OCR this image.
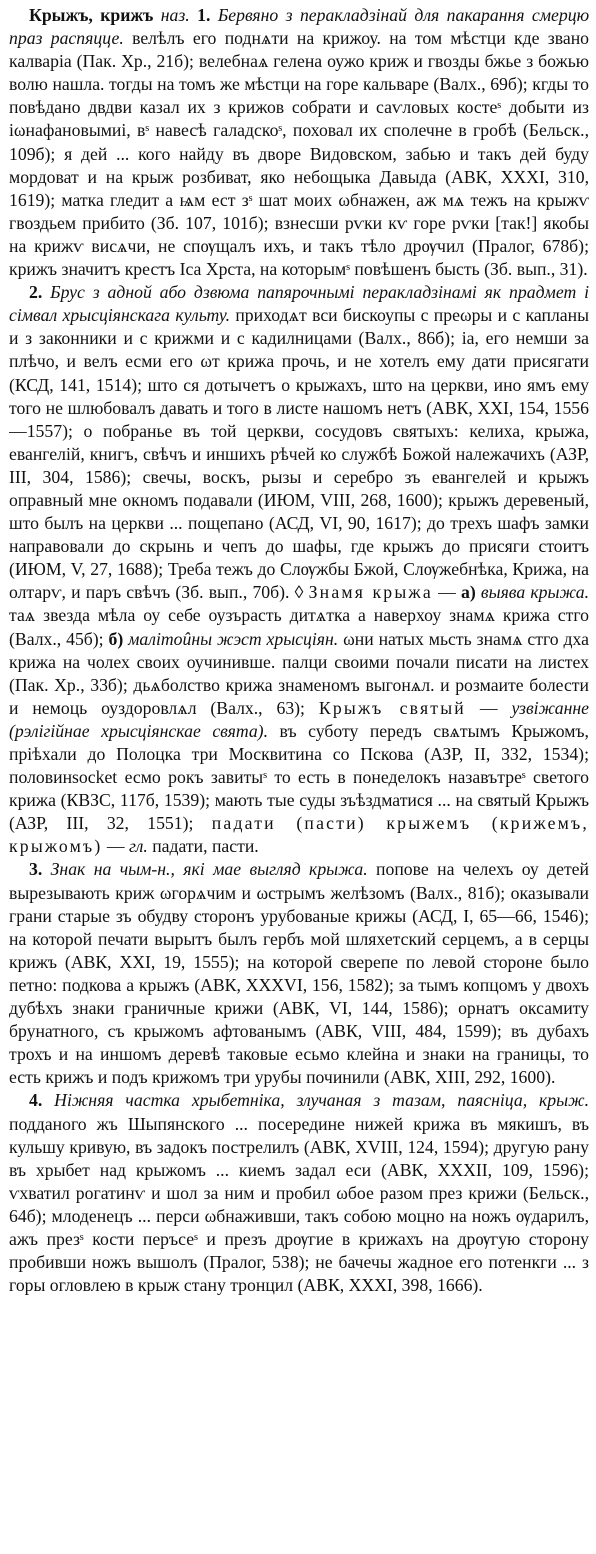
Крыжъ, крижъ наз. 1. Бервяно з перакладзінай для пакарання смерцю праз распяцце. велѣлъ его поднѧти на крижоу. на том мѣстци кде звано калваріа (Пак. Хр., 21б); велебнаѧ гелена оужо криж и гвозды бжье з божью волю нашла. тогды на томъ же мѣстци на горе кальваре (Валх., 69б); кгды то повѣдано двдви казал их з крижов собрати и саѵловых костеˢ добыти из іωнафановымиі, вˢ навесѣ галадскоˢ, поховал их сполечне в гробѣ (Бельск., 109б); я дей ... кого найду въ дворе Видовском, забью и такъ дей буду мордоват и на крыж розбиват, яко небощыка Давыда (АВК, XXXI, 310, 1619); матка гледит а ѩм ест зˢ шат моих ωбнажен, аж мѧ тежъ на крыжѵ гвоздьем прибито (Зб. 107, 101б); взнесши рѵки кѵ горе рѵки [так!] якобы на крижѵ висѧчи, не спѹщалъ ихъ, и такъ тѣло дрѹчил (Пралог, 678б); крижъ значитъ крестъ Іса Хрста, на которымˢ повѣшенъ бысть (Зб. вып., 31).

2. Брус з адной або дзвюма папярочнымі перакладзінамі як прадмет і сімвал хрысціянскага культу. приходѧт вси бискоупы с преωры и с капланы и з законники и с крижми и с кадилницами (Валх., 86б); іа, его немши за плѣчо, и велъ есми его ωт крижа прочь, и не хотелъ ему дати присягати (КСД, 141, 1514); што ся дотычетъ о крыжахъ, што на церкви, ино ямъ ему того не шлюбовалъ давать и того в листе нашомъ нетъ (АВК, XXI, 154, 1556—1557); о побранье въ той церкви, сосудовъ святыхъ: келиха, крыжа, евангелій, книгъ, свѣчъ и иншихъ рѣчей ко службѣ Божой належачихъ (АЗР, III, 304, 1586); свечы, воскъ, рызы и серебро зъ евангелей и крыжъ оправный мне окномъ подавали (ИЮМ, VIII, 268, 1600); крыжъ деревеный, што былъ на церкви ... пощепано (АСД, VI, 90, 1617); до трехъ шафъ замки направовали до скрынь и чепъ до шафы, где крыжъ до присяги стоитъ (ИЮМ, V, 27, 1688); Треба тежъ до Слѹжбы Бжой, Слѹжебнѣка, Крижа, на олтарѵ, и паръ свѣчъ (Зб. вып., 70б). ◊ Знамя крыжа — а) выява крыжа. таѧ звезда мѣла оу себе оузърасть дитѧтка а наверхоу знамѧ крижа стго (Валх., 45б); б) малітоûны жэст хрысціян. ωни натых мьсть знамѧ стго дха крижа на чолех своих оучинивше. палци своими почали писати на листех (Пак. Хр., 33б); дьѧболство крижа знаменомъ выгонѧл. и розмаите болести и немоць оуздоровлѧл (Валх., 63); Крыжъ святый — узвіжанне (рэлігійнае хрысціянскае свята). въ суботу передъ свѧтымъ Крыжомъ, пріѣхали до Полоцка три Москвитина со Пскова (АЗР, II, 332, 1534); половинsocket есмо рокъ завитыˢ то есть в понеделокъ назавътреˢ светого крижа (КВЗС, 117б, 1539); мають тые суды зъѣздматися ... на святый Крыжъ (АЗР, III, 32, 1551); падати (пасти) крыжемъ (крижемъ, крыжомъ) — гл. падати, пасти.

3. Знак на чым-н., які мае выгляд крыжа. попове на челехъ оу детей вырезывають криж ωгорѧчим и ωстрымъ желѣзомъ (Валх., 81б); оказывали грани старые зъ обудву сторонъ урубованые крижы (АСД, I, 65—66, 1546); на которой печати вырытъ былъ гербъ мой шляхетский серцемъ, а в серцы крижъ (АВК, XXI, 19, 1555); на которой сверепе по левой стороне было петно: подкова а крыжъ (АВК, XXXVI, 156, 1582); за тымъ копцомъ у двохъ дубѣхъ знаки граничные крижи (АВК, VI, 144, 1586); орнатъ оксамиту брунатного, съ крыжомъ афтованымъ (АВК, VIII, 484, 1599); въ дубахъ трохъ и на иншомъ деревѣ таковые есьмо клейна и знаки на границы, то есть крижъ и подъ крижомъ три урубы починили (АВК, XIII, 292, 1600).

4. Ніжняя частка хрыбетніка, злучаная з тазам, паясніца, крыж. подданого жъ Шыпянского ... посередине нижей крижа въ мякишъ, въ кульшу кривую, въ задокъ пострелилъ (АВК, XVIII, 124, 1594); другую рану въ хрыбет над крыжомъ ... киемъ задал еси (АВК, XXXII, 109, 1596); ѵхватил рогатинѵ и шол за ним и пробил ωбое разом през крижи (Бельск., 64б); млоденецъ ... перси ωбнаживши, такъ собою моцно на ножъ ѹдарилъ, ажъ презˢ кости перъсеˢ и презъ дрѹгие в крижахъ на дрѹгую сторону пробивши ножъ вышолъ (Пралог, 538); не бачечы жадное его потенкги ... з горы огловлею в крыж стану тронцил (АВК, XXXI, 398, 1666).
